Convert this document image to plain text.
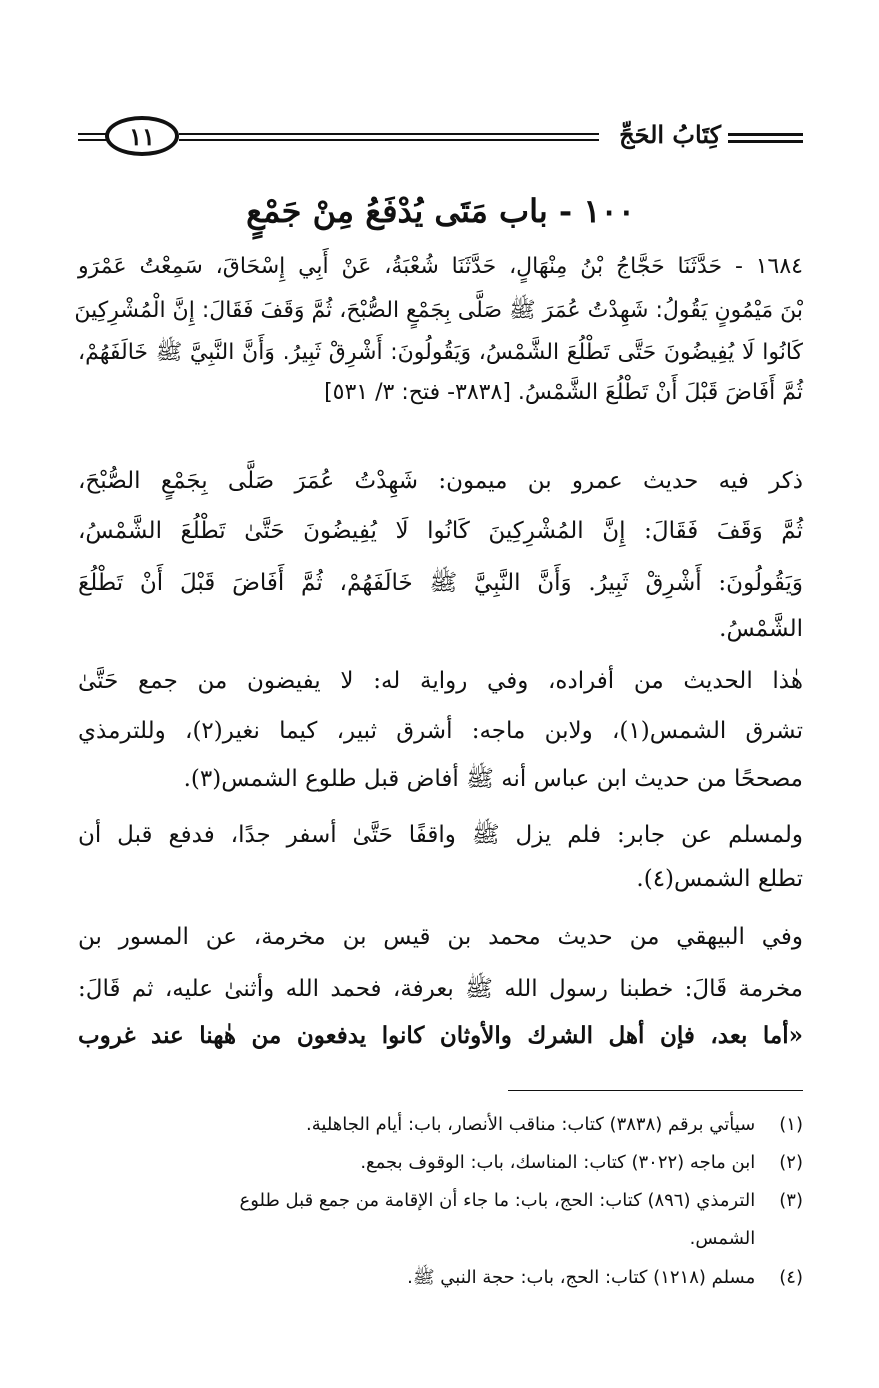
١١	كِتَابُ الحَجِّ
١٠٠ - باب مَتَى يُدْفَعُ مِنْ جَمْعٍ
١٦٨٤ - حَدَّثَنَا حَجَّاجُ بْنُ مِنْهَالٍ، حَدَّثَنَا شُعْبَةُ، عَنْ أَبِي إِسْحَاقَ، سَمِعْتُ عَمْرَو
بْنَ مَيْمُونٍ يَقُولُ: شَهِدْتُ عُمَرَ ﷺ صَلَّى بِجَمْعٍ الصُّبْحَ، ثُمَّ وَقَفَ فَقَالَ: إِنَّ الْمُشْرِكِينَ
كَانُوا لَا يُفِيضُونَ حَتَّى تَطْلُعَ الشَّمْسُ، وَيَقُولُونَ: أَشْرِقْ ثَبِيرُ. وَأَنَّ النَّبِيَّ ﷺ خَالَفَهُمْ،
ثُمَّ أَفَاضَ قَبْلَ أَنْ تَطْلُعَ الشَّمْسُ. [٣٨٣٨- فتح: ٣/ ٥٣١]
ذكر فيه حديث عمرو بن ميمون: شَهِدْتُ عُمَرَ صَلَّى بِجَمْعٍ الصُّبْحَ،
ثُمَّ وَقَفَ فَقَالَ: إِنَّ المُشْرِكِينَ كَانُوا لَا يُفِيضُونَ حَتَّىٰ تَطْلُعَ الشَّمْسُ،
وَيَقُولُونَ: أَشْرِقْ ثَبِيرُ. وَأَنَّ النَّبِيَّ ﷺ خَالَفَهُمْ، ثُمَّ أَفَاضَ قَبْلَ أَنْ تَطْلُعَ
الشَّمْسُ.
هٰذا الحديث من أفراده، وفي رواية له: لا يفيضون من جمع حَتَّىٰ
تشرق الشمس(١)، ولابن ماجه: أشرق ثبير، كيما نغير(٢)، وللترمذي
مصححًا من حديث ابن عباس أنه ﷺ أفاض قبل طلوع الشمس(٣).
ولمسلم عن جابر: فلم يزل ﷺ واقفًا حَتَّىٰ أسفر جدًا، فدفع قبل أن
تطلع الشمس(٤).
وفي البيهقي من حديث محمد بن قيس بن مخرمة، عن المسور بن
مخرمة قَالَ: خطبنا رسول الله ﷺ بعرفة، فحمد الله وأثنىٰ عليه، ثم قَالَ:
«أما بعد، فإن أهل الشرك والأوثان كانوا يدفعون من هٰهنا عند غروب
(١) سيأتي برقم (٣٨٣٨) كتاب: مناقب الأنصار، باب: أيام الجاهلية.
(٢) ابن ماجه (٣٠٢٢) كتاب: المناسك، باب: الوقوف بجمع.
(٣) الترمذي (٨٩٦) كتاب: الحج، باب: ما جاء أن الإقامة من جمع قبل طلوع
الشمس.
(٤) مسلم (١٢١٨) كتاب: الحج، باب: حجة النبي ﷺ.
